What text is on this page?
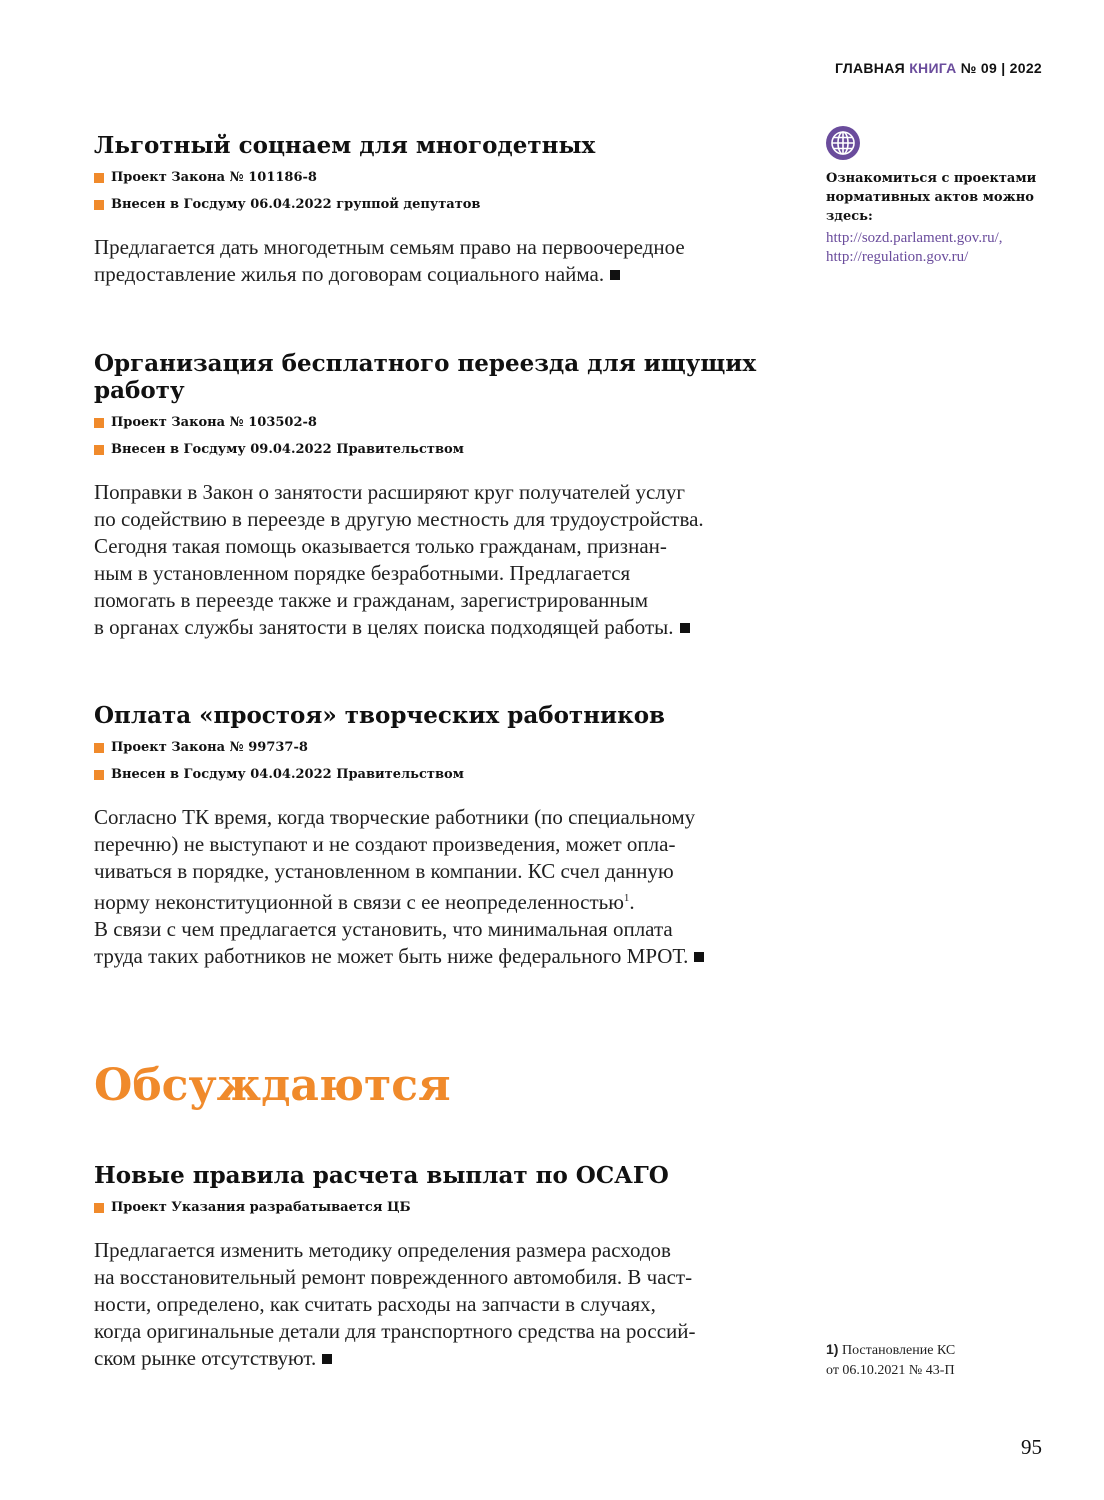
ГЛАВНАЯ КНИГА № 09 | 2022
Льготный соцнаем для многодетных
Проект Закона № 101186-8
Внесен в Госдуму 06.04.2022 группой депутатов
Предлагается дать многодетным семьям право на первоочередное
предоставление жилья по договорам социального найма.
Организация бесплатного переезда для ищущих работу
Проект Закона № 103502-8
Внесен в Госдуму 09.04.2022 Правительством
Поправки в Закон о занятости расширяют круг получателей услуг
по содействию в переезде в другую местность для трудоустройства.
Сегодня такая помощь оказывается только гражданам, признан-
ным в установленном порядке безработными. Предлагается
помогать в переезде также и гражданам, зарегистрированным
в органах службы занятости в целях поиска подходящей работы.
Оплата «простоя» творческих работников
Проект Закона № 99737-8
Внесен в Госдуму 04.04.2022 Правительством
Согласно ТК время, когда творческие работники (по специальному
перечню) не выступают и не создают произведения, может опла-
чиваться в порядке, установленном в компании. КС счел данную
норму неконституционной в связи с ее неопределенностью$^1$.
В связи с чем предлагается установить, что минимальная оплата
труда таких работников не может быть ниже федерального МРОТ.
Обсуждаются
Новые правила расчета выплат по ОСАГО
Проект Указания разрабатывается ЦБ
Предлагается изменить методику определения размера расходов
на восстановительный ремонт поврежденного автомобиля. В част-
ности, определено, как считать расходы на запчасти в случаях,
когда оригинальные детали для транспортного средства на россий-
ском рынке отсутствуют.
Ознакомиться с проектами нормативных актов можно здесь:
http://sozd.parlament.gov.ru/,
http://regulation.gov.ru/
1) Постановление КС
от 06.10.2021 № 43-П
95
